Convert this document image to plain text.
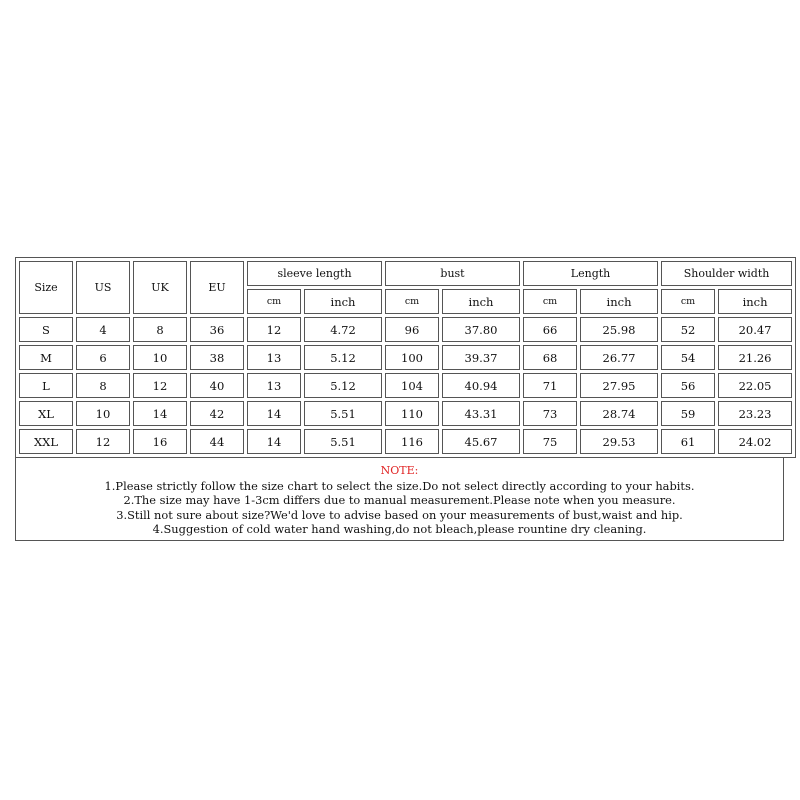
Size	US	UK	EU	sleeve length		bust		Length		Shoulder width	
				cm	inch	cm	inch	cm	inch	cm	inch
S	4	8	36	12	4.72	96	37.80	66	25.98	52	20.47
M	6	10	38	13	5.12	100	39.37	68	26.77	54	21.26
L	8	12	40	13	5.12	104	40.94	71	27.95	56	22.05
XL	10	14	42	14	5.51	110	43.31	73	28.74	59	23.23
XXL	12	16	44	14	5.51	116	45.67	75	29.53	61	24.02
NOTE:
1.Please strictly follow the size chart to select the size.Do not select directly according to your habits.
2.The size may have 1-3cm differs due to manual measurement.Please note when you measure.
3.Still not sure about size?We'd love to advise based on your measurements of bust,waist and hip.
4.Suggestion of cold water hand washing,do not bleach,please rountine dry cleaning.
